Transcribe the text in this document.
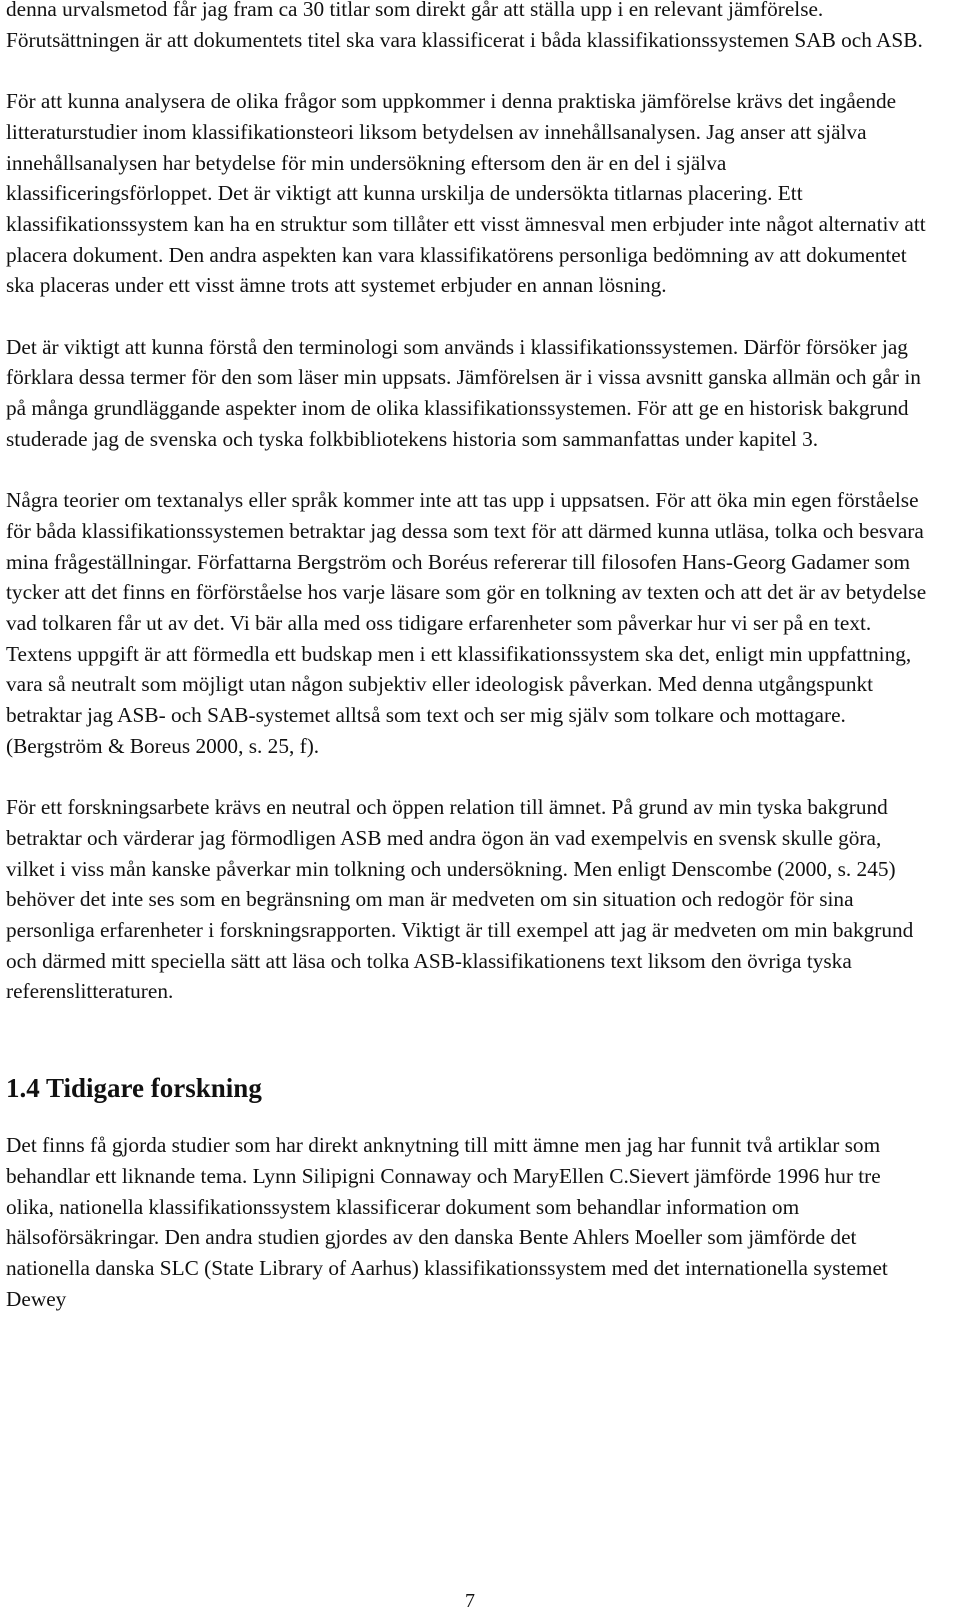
denna urvalsmetod får jag fram ca 30 titlar som direkt går att ställa upp i en relevant jämförelse. Förutsättningen är att dokumentets titel ska vara klassificerat i båda klassifikationssystemen SAB och ASB.

För att kunna analysera de olika frågor som uppkommer i denna praktiska jämförelse krävs det ingående litteraturstudier inom klassifikationsteori liksom betydelsen av innehållsanalysen. Jag anser att själva innehållsanalysen har betydelse för min undersökning eftersom den är en del i själva klassificeringsförloppet. Det är viktigt att kunna urskilja de undersökta titlarnas placering. Ett klassifikationssystem kan ha en struktur som tillåter ett visst ämnesval men erbjuder inte något alternativ att placera dokument. Den andra aspekten kan vara klassifikatörens personliga bedömning av att dokumentet ska placeras under ett visst ämne trots att systemet erbjuder en annan lösning.

Det är viktigt att kunna förstå den terminologi som används i klassifikationssystemen. Därför försöker jag förklara dessa termer för den som läser min uppsats. Jämförelsen är i vissa avsnitt ganska allmän och går in på många grundläggande aspekter inom de olika klassifikationssystemen. För att ge en historisk bakgrund studerade jag de svenska och tyska folkbibliotekens historia som sammanfattas under kapitel 3.

Några teorier om textanalys eller språk kommer inte att tas upp i uppsatsen. För att öka min egen förståelse för båda klassifikationssystemen betraktar jag dessa som text för att därmed kunna utläsa, tolka och besvara mina frågeställningar. Författarna Bergström och Boréus refererar till filosofen Hans-Georg Gadamer som tycker att det finns en förförståelse hos varje läsare som gör en tolkning av texten och att det är av betydelse vad tolkaren får ut av det. Vi bär alla med oss tidigare erfarenheter som påverkar hur vi ser på en text. Textens uppgift är att förmedla ett budskap men i ett klassifikationssystem ska det, enligt min uppfattning, vara så neutralt som möjligt utan någon subjektiv eller ideologisk påverkan. Med denna utgångspunkt betraktar jag ASB- och SAB-systemet alltså som text och ser mig själv som tolkare och mottagare. (Bergström & Boreus 2000, s. 25, f).

För ett forskningsarbete krävs en neutral och öppen relation till ämnet. På grund av min tyska bakgrund betraktar och värderar jag förmodligen ASB med andra ögon än vad exempelvis en svensk skulle göra, vilket i viss mån kanske påverkar min tolkning och undersökning. Men enligt Denscombe (2000, s. 245) behöver det inte ses som en begränsning om man är medveten om sin situation och redogör för sina personliga erfarenheter i forskningsrapporten. Viktigt är till exempel att jag är medveten om min bakgrund och därmed mitt speciella sätt att läsa och tolka ASB-klassifikationens text liksom den övriga tyska referenslitteraturen.

1.4 Tidigare forskning

Det finns få gjorda studier som har direkt anknytning till mitt ämne men jag har funnit två artiklar som behandlar ett liknande tema. Lynn Silipigni Connaway och MaryEllen C.Sievert jämförde 1996 hur tre olika, nationella klassifikationssystem klassificerar dokument som behandlar information om hälsoförsäkringar. Den andra studien gjordes av den danska Bente Ahlers Moeller som jämförde det nationella danska SLC (State Library of Aarhus) klassifikationssystem med det internationella systemet Dewey

7
